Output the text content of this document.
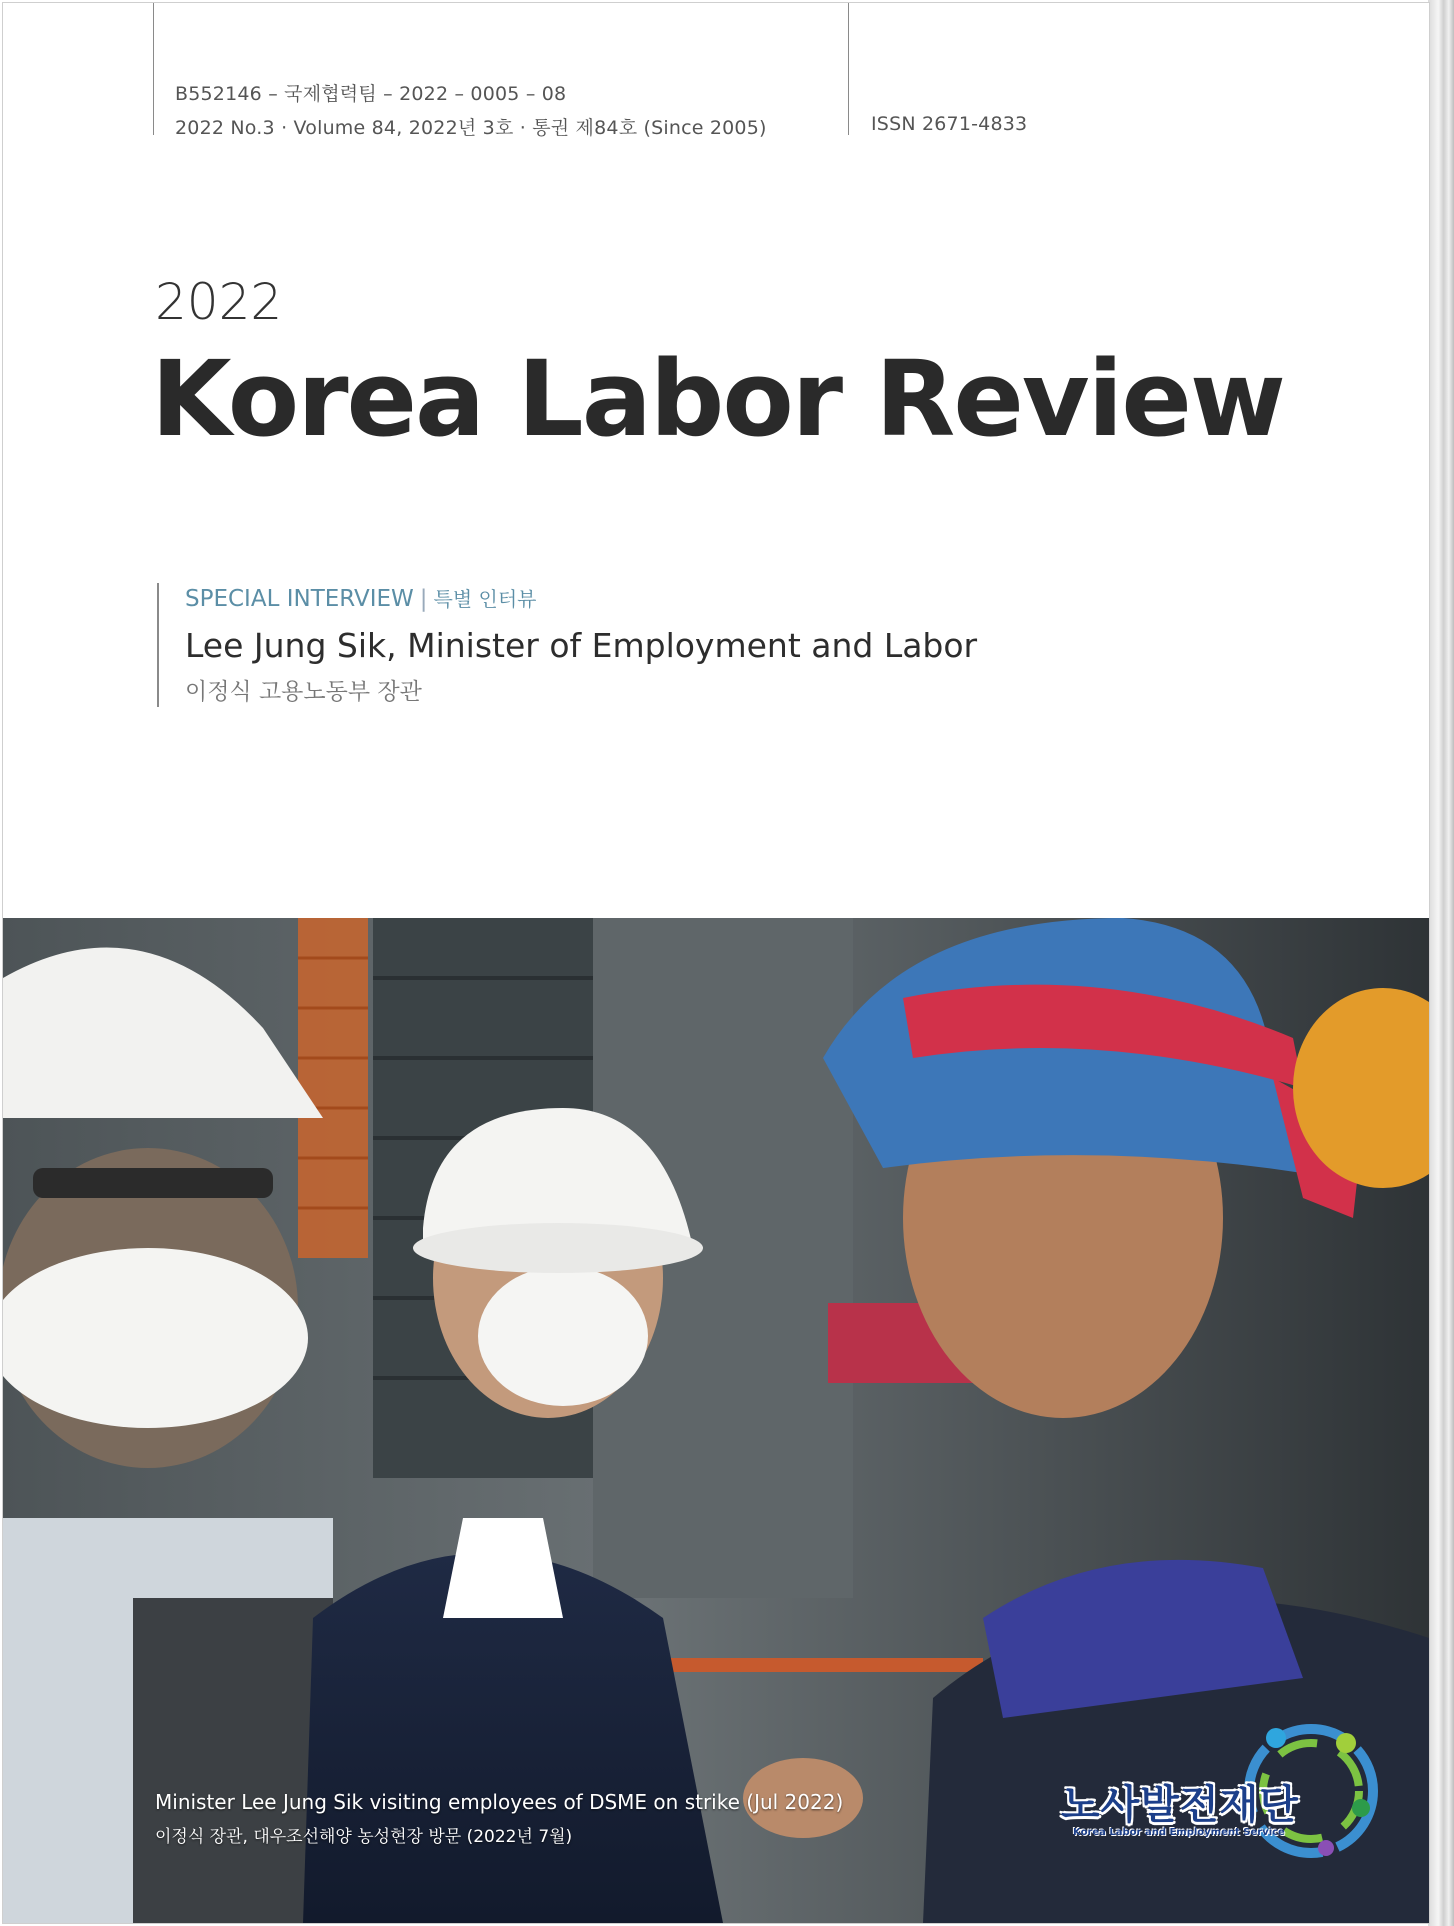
B552146 – 국제협력팀 – 2022 – 0005 – 08
2022 No.3 · Volume 84, 2022년 3호 · 통권 제84호 (Since 2005)	ISSN 2671-4833
2022
Korea Labor Review
SPECIAL INTERVIEW | 특별 인터뷰
Lee Jung Sik, Minister of Employment and Labor
이정식 고용노동부 장관
Minister Lee Jung Sik visiting employees of DSME on strike (Jul 2022)
이정식 장관, 대우조선해양 농성현장 방문 (2022년 7월)
노사발전재단
Korea Labor and Employment Service
